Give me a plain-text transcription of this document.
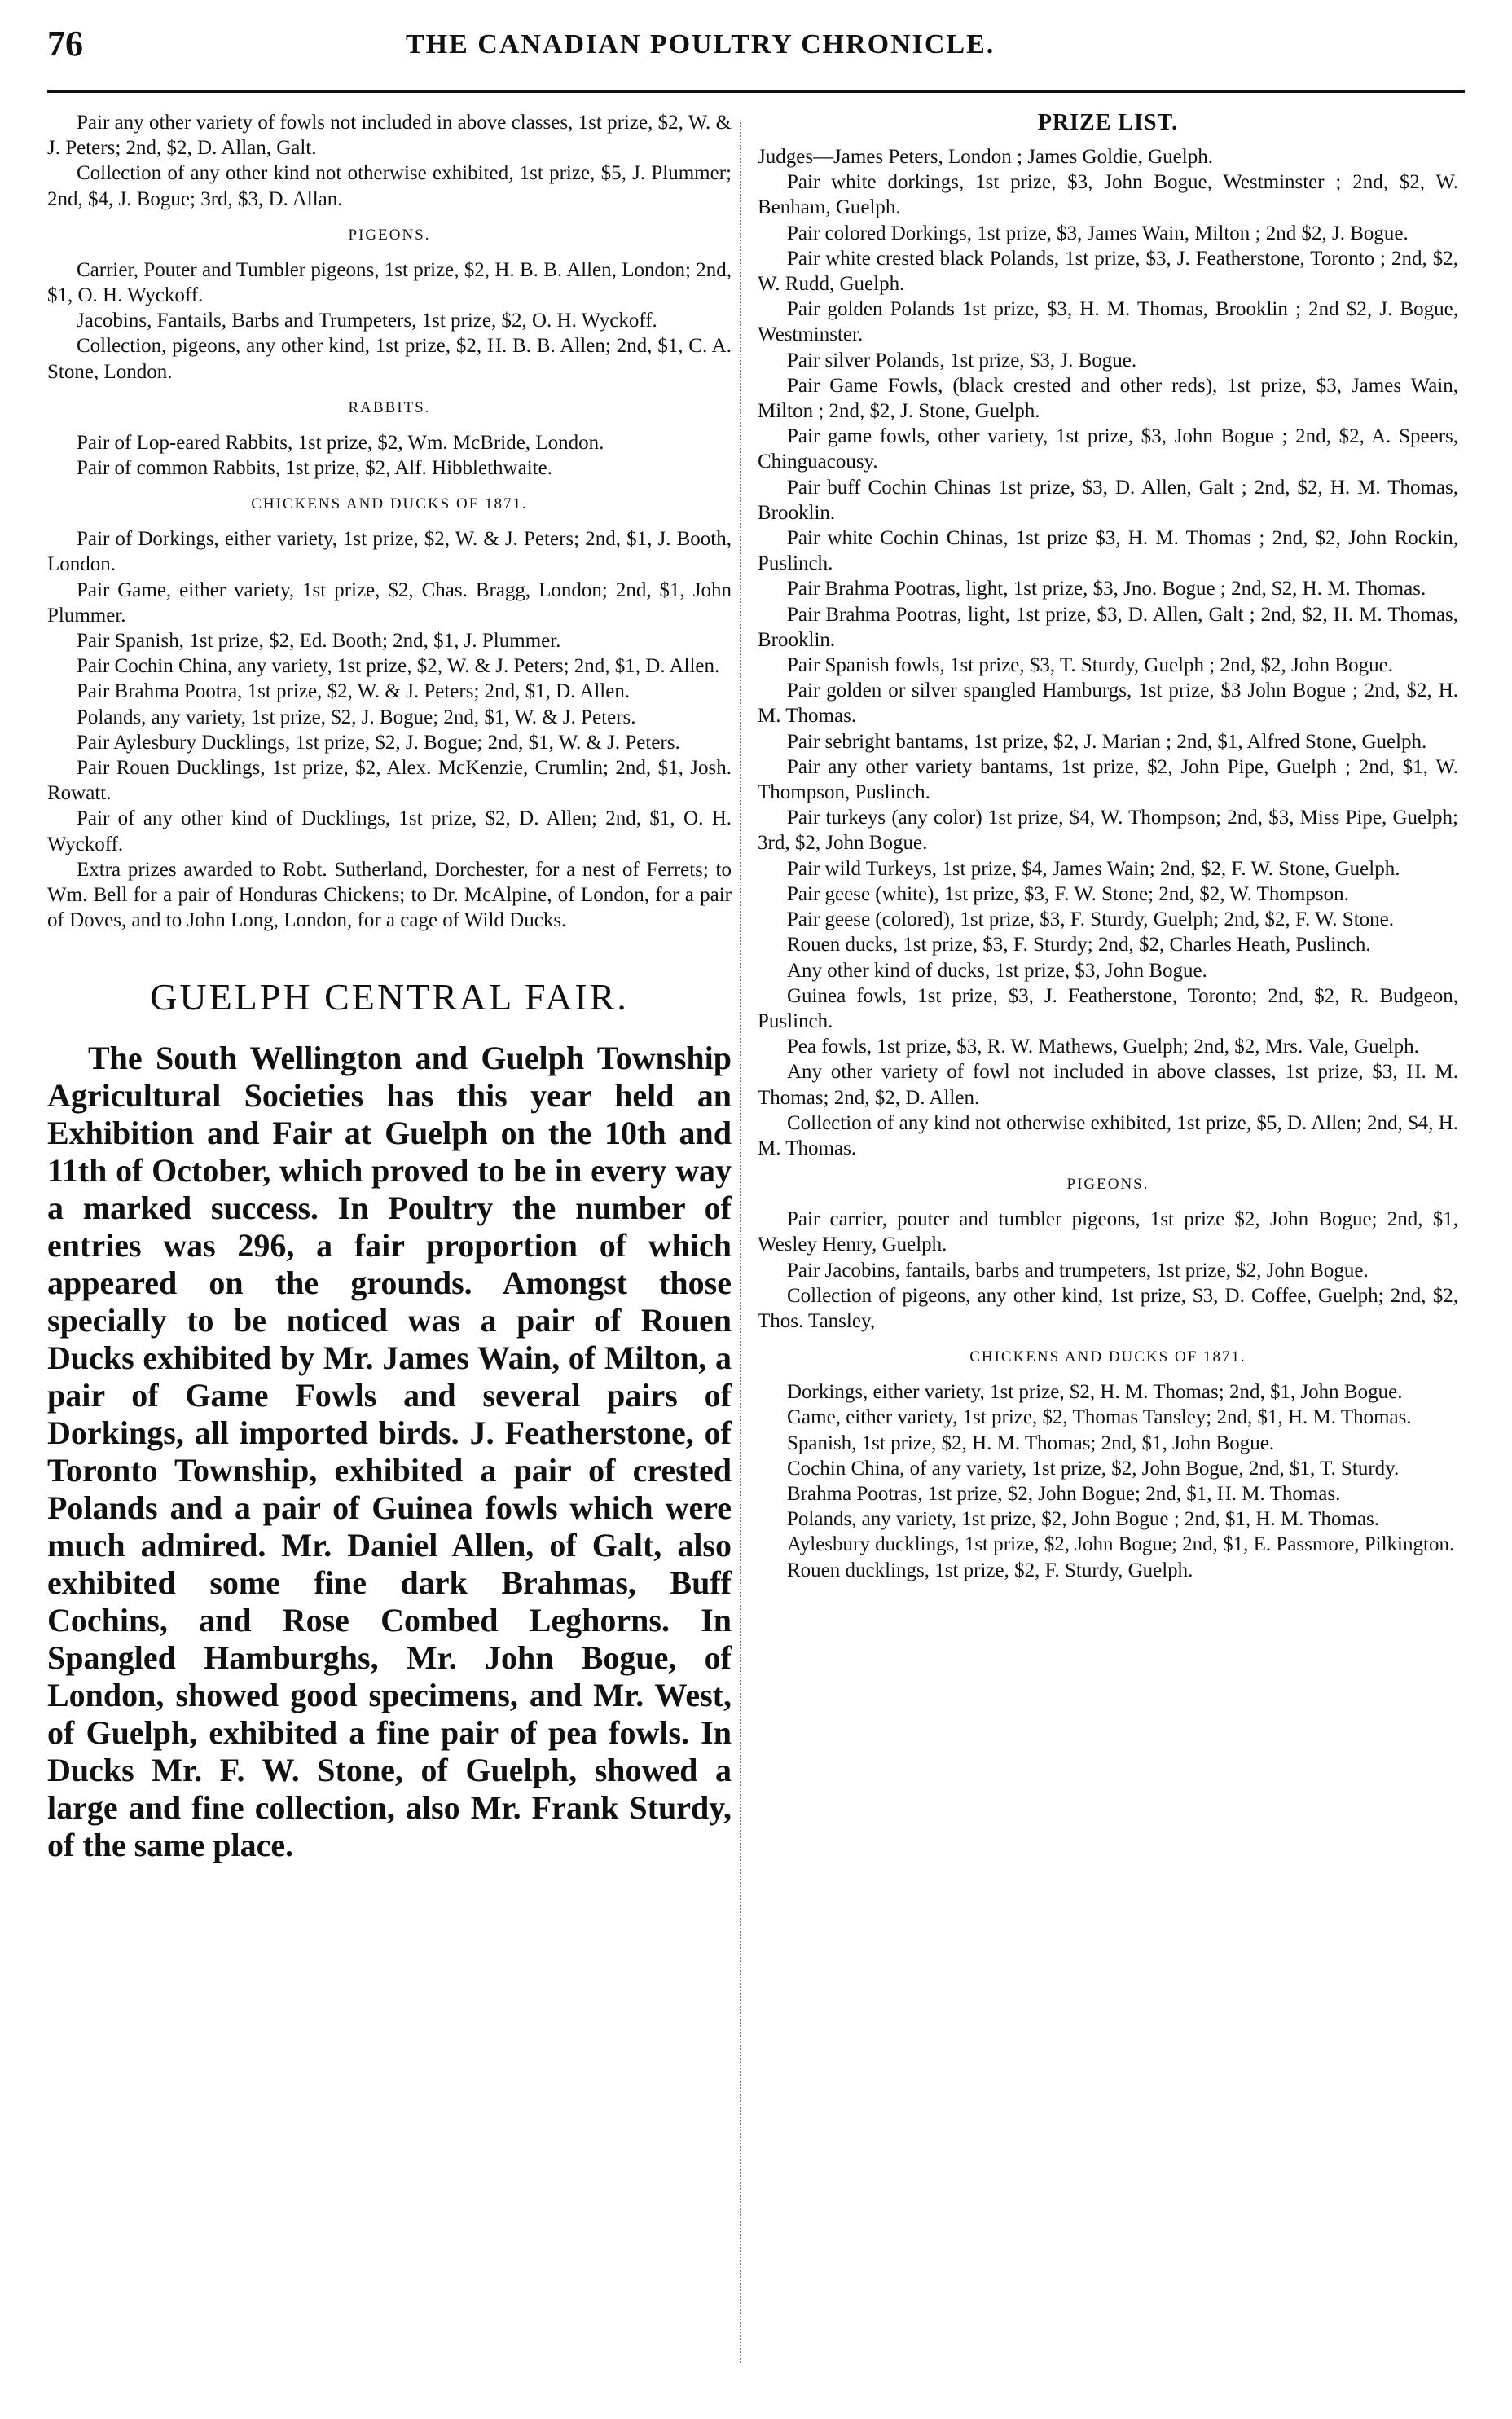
76	THE CANADIAN POULTRY CHRONICLE.

Pair any other variety of fowls not included in above classes, 1st prize, $2, W. & J. Peters; 2nd, $2, D. Allan, Galt.

Collection of any other kind not otherwise exhibited, 1st prize, $5, J. Plummer; 2nd, $4, J. Bogue; 3rd, $3, D. Allan.

PIGEONS.

Carrier, Pouter and Tumbler pigeons, 1st prize, $2, H. B. B. Allen, London; 2nd, $1, O. H. Wyckoff.

Jacobins, Fantails, Barbs and Trumpeters, 1st prize, $2, O. H. Wyckoff.

Collection, pigeons, any other kind, 1st prize, $2, H. B. B. Allen; 2nd, $1, C. A. Stone, London.

RABBITS.

Pair of Lop-eared Rabbits, 1st prize, $2, Wm. McBride, London.

Pair of common Rabbits, 1st prize, $2, Alf. Hibblethwaite.

CHICKENS AND DUCKS OF 1871.

Pair of Dorkings, either variety, 1st prize, $2, W. & J. Peters; 2nd, $1, J. Booth, London.

Pair Game, either variety, 1st prize, $2, Chas. Bragg, London; 2nd, $1, John Plummer.

Pair Spanish, 1st prize, $2, Ed. Booth; 2nd, $1, J. Plummer.

Pair Cochin China, any variety, 1st prize, $2, W. & J. Peters; 2nd, $1, D. Allen.

Pair Brahma Pootra, 1st prize, $2, W. & J. Peters; 2nd, $1, D. Allen.

Polands, any variety, 1st prize, $2, J. Bogue; 2nd, $1, W. & J. Peters.

Pair Aylesbury Ducklings, 1st prize, $2, J. Bogue; 2nd, $1, W. & J. Peters.

Pair Rouen Ducklings, 1st prize, $2, Alex. McKenzie, Crumlin; 2nd, $1, Josh. Rowatt.

Pair of any other kind of Ducklings, 1st prize, $2, D. Allen; 2nd, $1, O. H. Wyckoff.

Extra prizes awarded to Robt. Sutherland, Dorchester, for a nest of Ferrets; to Wm. Bell for a pair of Honduras Chickens; to Dr. McAlpine, of London, for a pair of Doves, and to John Long, London, for a cage of Wild Ducks.

GUELPH CENTRAL FAIR.

The South Wellington and Guelph Township Agricultural Societies has this year held an Exhibition and Fair at Guelph on the 10th and 11th of October, which proved to be in every way a marked success. In Poultry the number of entries was 296, a fair proportion of which appeared on the grounds. Amongst those specially to be noticed was a pair of Rouen Ducks exhibited by Mr. James Wain, of Milton, a pair of Game Fowls and several pairs of Dorkings, all imported birds. J. Featherstone, of Toronto Township, exhibited a pair of crested Polands and a pair of Guinea fowls which were much admired. Mr. Daniel Allen, of Galt, also exhibited some fine dark Brahmas, Buff Cochins, and Rose Combed Leghorns. In Spangled Hamburghs, Mr. John Bogue, of London, showed good specimens, and Mr. West, of Guelph, exhibited a fine pair of pea fowls. In Ducks Mr. F. W. Stone, of Guelph, showed a large and fine collection, also Mr. Frank Sturdy, of the same place.

PRIZE LIST.

Judges—James Peters, London ; James Goldie, Guelph.

Pair white dorkings, 1st prize, $3, John Bogue, Westminster ; 2nd, $2, W. Benham, Guelph.

Pair colored Dorkings, 1st prize, $3, James Wain, Milton ; 2nd $2, J. Bogue.

Pair white crested black Polands, 1st prize, $3, J. Featherstone, Toronto ; 2nd, $2, W. Rudd, Guelph.

Pair golden Polands 1st prize, $3, H. M. Thomas, Brooklin ; 2nd $2, J. Bogue, Westminster.

Pair silver Polands, 1st prize, $3, J. Bogue.

Pair Game Fowls, (black crested and other reds), 1st prize, $3, James Wain, Milton ; 2nd, $2, J. Stone, Guelph.

Pair game fowls, other variety, 1st prize, $3, John Bogue ; 2nd, $2, A. Speers, Chinguacousy.

Pair buff Cochin Chinas 1st prize, $3, D. Allen, Galt ; 2nd, $2, H. M. Thomas, Brooklin.

Pair white Cochin Chinas, 1st prize $3, H. M. Thomas ; 2nd, $2, John Rockin, Puslinch.

Pair Brahma Pootras, light, 1st prize, $3, Jno. Bogue ; 2nd, $2, H. M. Thomas.

Pair Brahma Pootras, light, 1st prize, $3, D. Allen, Galt ; 2nd, $2, H. M. Thomas, Brooklin.

Pair Spanish fowls, 1st prize, $3, T. Sturdy, Guelph ; 2nd, $2, John Bogue.

Pair golden or silver spangled Hamburgs, 1st prize, $3 John Bogue ; 2nd, $2, H. M. Thomas.

Pair sebright bantams, 1st prize, $2, J. Marian ; 2nd, $1, Alfred Stone, Guelph.

Pair any other variety bantams, 1st prize, $2, John Pipe, Guelph ; 2nd, $1, W. Thompson, Puslinch.

Pair turkeys (any color) 1st prize, $4, W. Thompson; 2nd, $3, Miss Pipe, Guelph; 3rd, $2, John Bogue.

Pair wild Turkeys, 1st prize, $4, James Wain; 2nd, $2, F. W. Stone, Guelph.

Pair geese (white), 1st prize, $3, F. W. Stone; 2nd, $2, W. Thompson.

Pair geese (colored), 1st prize, $3, F. Sturdy, Guelph; 2nd, $2, F. W. Stone.

Rouen ducks, 1st prize, $3, F. Sturdy; 2nd, $2, Charles Heath, Puslinch.

Any other kind of ducks, 1st prize, $3, John Bogue.

Guinea fowls, 1st prize, $3, J. Featherstone, Toronto; 2nd, $2, R. Budgeon, Puslinch.

Pea fowls, 1st prize, $3, R. W. Mathews, Guelph; 2nd, $2, Mrs. Vale, Guelph.

Any other variety of fowl not included in above classes, 1st prize, $3, H. M. Thomas; 2nd, $2, D. Allen.

Collection of any kind not otherwise exhibited, 1st prize, $5, D. Allen; 2nd, $4, H. M. Thomas.

PIGEONS.

Pair carrier, pouter and tumbler pigeons, 1st prize $2, John Bogue; 2nd, $1, Wesley Henry, Guelph.

Pair Jacobins, fantails, barbs and trumpeters, 1st prize, $2, John Bogue.

Collection of pigeons, any other kind, 1st prize, $3, D. Coffee, Guelph; 2nd, $2, Thos. Tansley,

CHICKENS AND DUCKS OF 1871.

Dorkings, either variety, 1st prize, $2, H. M. Thomas; 2nd, $1, John Bogue.

Game, either variety, 1st prize, $2, Thomas Tansley; 2nd, $1, H. M. Thomas.

Spanish, 1st prize, $2, H. M. Thomas; 2nd, $1, John Bogue.

Cochin China, of any variety, 1st prize, $2, John Bogue, 2nd, $1, T. Sturdy.

Brahma Pootras, 1st prize, $2, John Bogue; 2nd, $1, H. M. Thomas.

Polands, any variety, 1st prize, $2, John Bogue ; 2nd, $1, H. M. Thomas.

Aylesbury ducklings, 1st prize, $2, John Bogue; 2nd, $1, E. Passmore, Pilkington.

Rouen ducklings, 1st prize, $2, F. Sturdy, Guelph.
